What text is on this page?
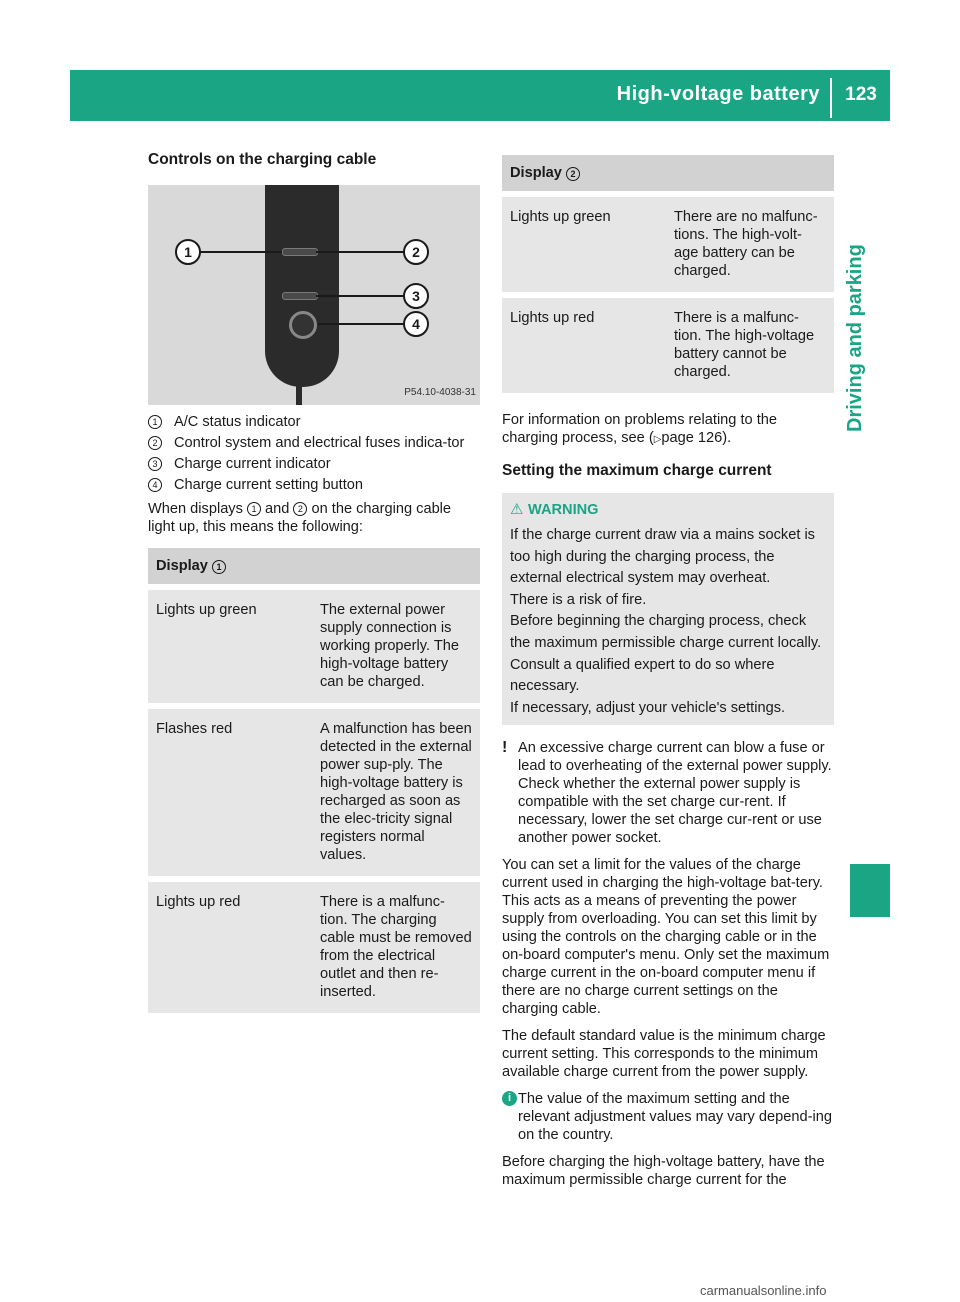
High-voltage battery	123
Driving and parking
Controls on the charging cable
1	2
3
4
P54.10-4038-31
1	A/C status indicator
2	Control system and electrical fuses indica-tor
3	Charge current indicator
4	Charge current setting button

When displays 1 and 2 on the charging cable light up, this means the following:

Display 1	
Lights up green	The external power supply connection is working properly. The high-voltage battery can be charged.
Flashes red	A malfunction has been detected in the external power sup-ply. The high-voltage battery is recharged as soon as the elec-tricity signal registers normal values.
Lights up red	There is a malfunc-tion. The charging cable must be removed from the electrical outlet and then re-inserted.
Display 2	
Lights up green	There are no malfunc-tions. The high-volt-age battery can be charged.
Lights up red	There is a malfunc-tion. The high-voltage battery cannot be charged.

For information on problems relating to the charging process, see (▷page 126).

Setting the maximum charge current
⚠ WARNING

If the charge current draw via a mains socket is too high during the charging process, the external electrical system may overheat.

There is a risk of fire.

Before beginning the charging process, check the maximum permissible charge current locally. Consult a qualified expert to do so where necessary.

If necessary, adjust your vehicle's settings.

! An excessive charge current can blow a fuse or lead to overheating of the external power supply. Check whether the external power supply is compatible with the set charge cur-rent. If necessary, lower the set charge cur-rent or use another power socket.

You can set a limit for the values of the charge current used in charging the high-voltage bat-tery. This acts as a means of preventing the power supply from overloading. You can set this limit by using the controls on the charging cable or in the on-board computer's menu. Only set the maximum charge current in the on-board computer menu if there are no charge current settings on the charging cable.

The default standard value is the minimum charge current setting. This corresponds to the minimum available charge current from the power supply.

i The value of the maximum setting and the relevant adjustment values may vary depend-ing on the country.

Before charging the high-voltage battery, have the maximum permissible charge current for the

carmanualsonline.info
